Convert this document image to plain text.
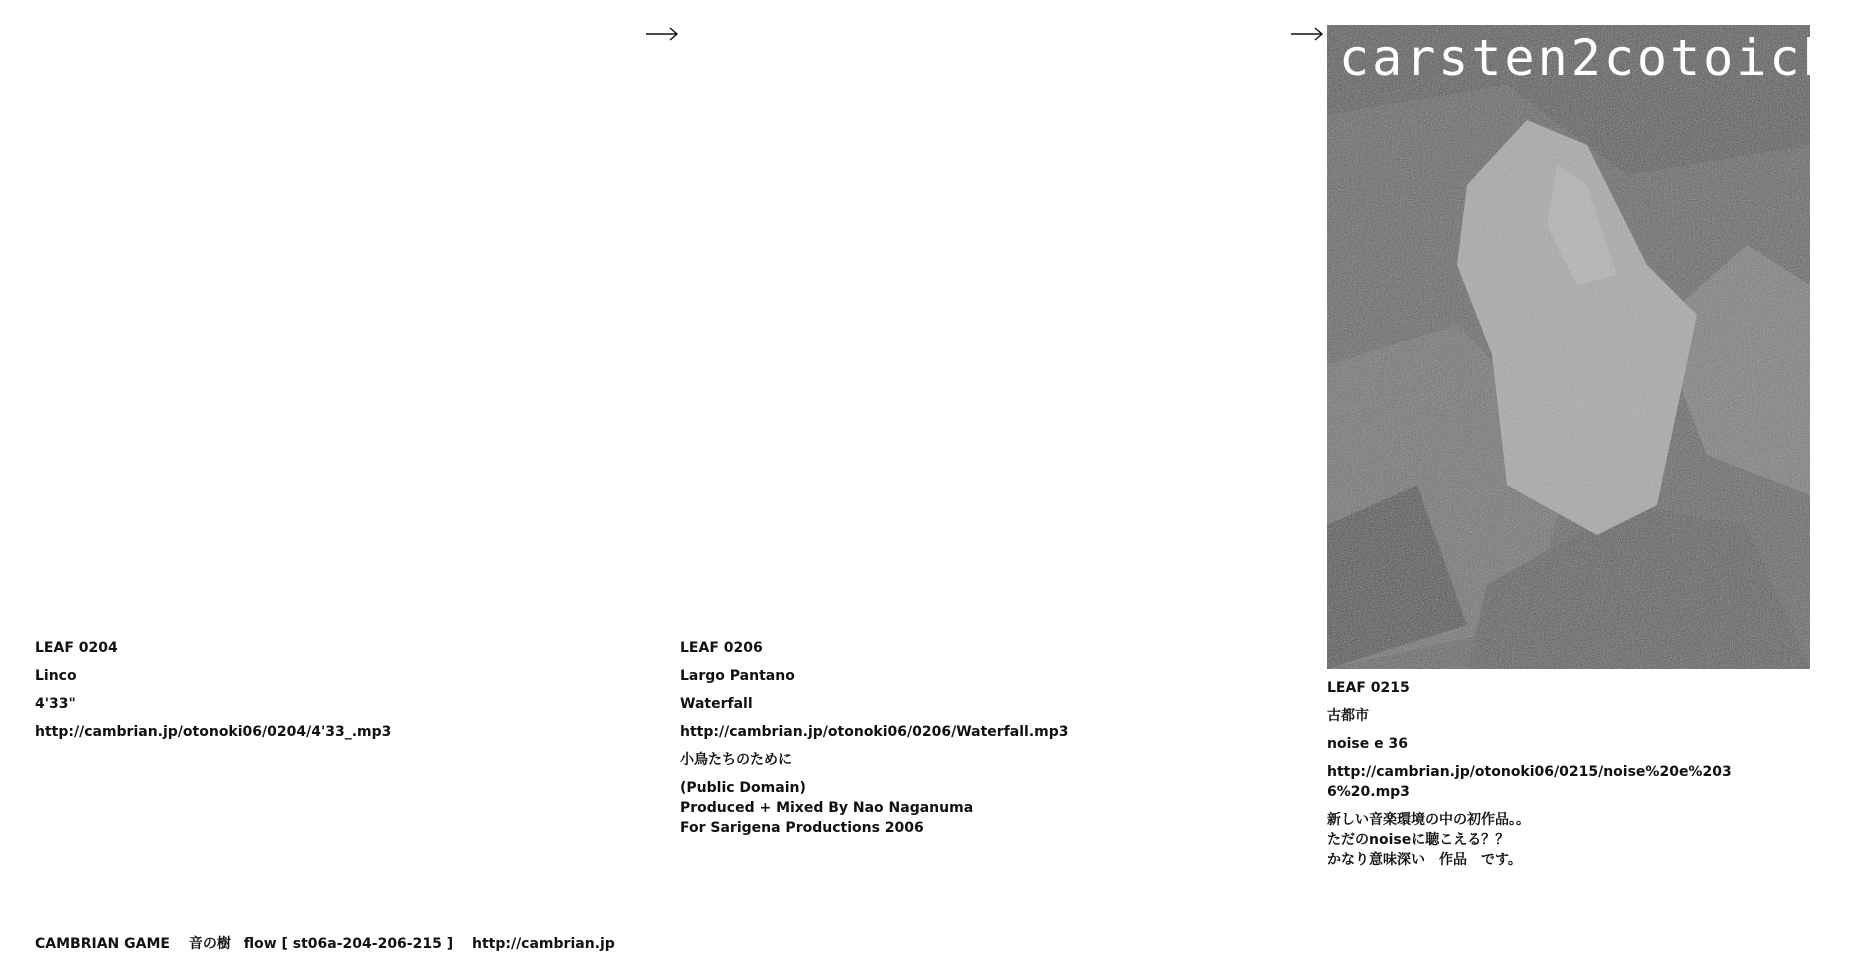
carsten2cotoichi
LEAF 0204
Linco
4'33"
http://cambrian.jp/otonoki06/0204/4'33_.mp3
LEAF 0206
Largo Pantano
Waterfall
http://cambrian.jp/otonoki06/0206/Waterfall.mp3
小鳥たちのために
(Public Domain)
Produced + Mixed By Nao Naganuma
For Sarigena Productions 2006
LEAF 0215
古都市
noise e 36
http://cambrian.jp/otonoki06/0215/noise%20e%2036%20.mp3
新しい音楽環境の中の初作品。。
ただのnoiseに聴こえる？？
かなり意味深い　作品　です。
CAMBRIAN GAME 音の樹 flow [ st06a-204-206-215 ] http://cambrian.jp
